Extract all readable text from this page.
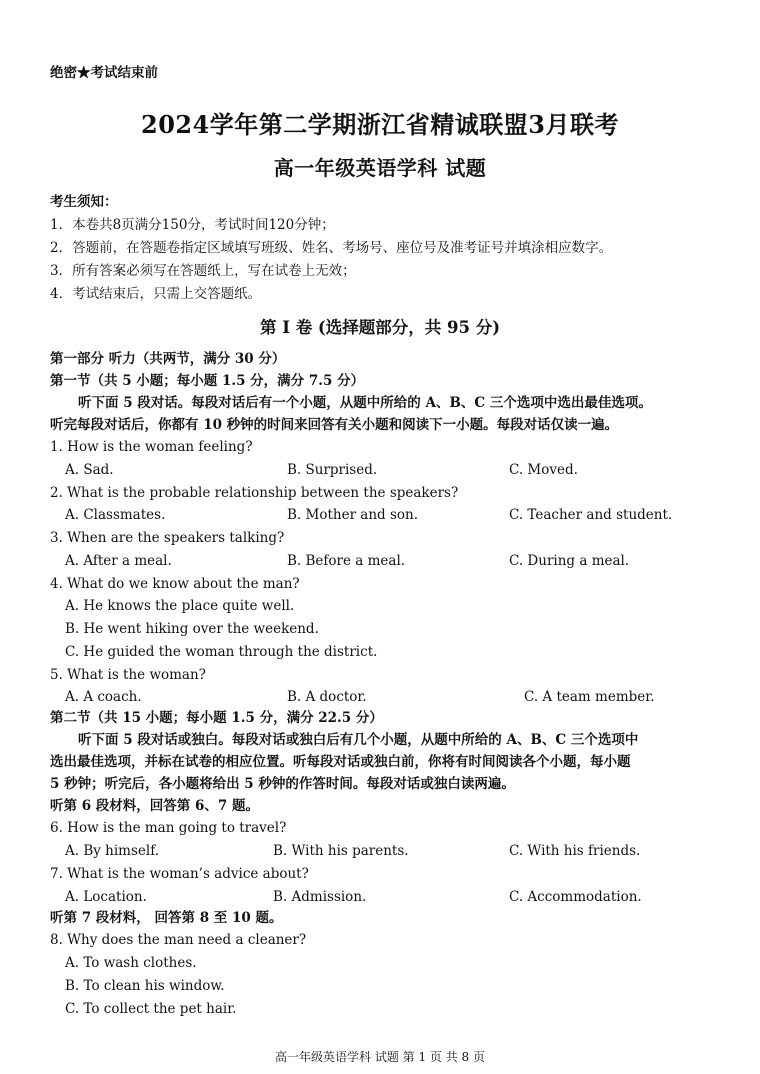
绝密★考试结束前
2024学年第二学期浙江省精诚联盟3月联考
高一年级英语学科 试题
考生须知：
1．本卷共8页满分150分，考试时间120分钟；
2．答题前，在答题卷指定区域填写班级、姓名、考场号、座位号及准考证号并填涂相应数字。
3．所有答案必须写在答题纸上，写在试卷上无效；
4．考试结束后，只需上交答题纸。
第 I 卷 (选择题部分，共 95 分)
第一部分 听力（共两节，满分 30 分）
第一节（共 5 小题；每小题 1.5 分，满分 7.5 分）
听下面 5 段对话。每段对话后有一个小题，从题中所给的 A、B、C 三个选项中选出最佳选项。
听完每段对话后，你都有 10 秒钟的时间来回答有关小题和阅读下一小题。每段对话仅读一遍。
1. How is the woman feeling?
A. Sad.	B. Surprised.	C. Moved.
2. What is the probable relationship between the speakers?
A. Classmates.	B. Mother and son.	C. Teacher and student.
3. When are the speakers talking?
A. After a meal.	B. Before a meal.	C. During a meal.
4. What do we know about the man?
A. He knows the place quite well.
B. He went hiking over the weekend.
C. He guided the woman through the district.
5. What is the woman?
A. A coach.	B. A doctor.	C. A team member.
第二节（共 15 小题；每小题 1.5 分，满分 22.5 分）
听下面 5 段对话或独白。每段对话或独白后有几个小题，从题中所给的 A、B、C 三个选项中
选出最佳选项，并标在试卷的相应位置。听每段对话或独白前，你将有时间阅读各个小题，每小题
5 秒钟；听完后，各小题将给出 5 秒钟的作答时间。每段对话或独白读两遍。
听第 6 段材料，回答第 6、7 题。
6. How is the man going to travel?
A. By himself.	B. With his parents.	C. With his friends.
7. What is the woman’s advice about?
A. Location.	B. Admission.	C. Accommodation.
听第 7 段材料， 回答第 8 至 10 题。
8. Why does the man need a cleaner?
A. To wash clothes.
B. To clean his window.
C. To collect the pet hair.
高一年级英语学科 试题 第 1 页 共 8 页
